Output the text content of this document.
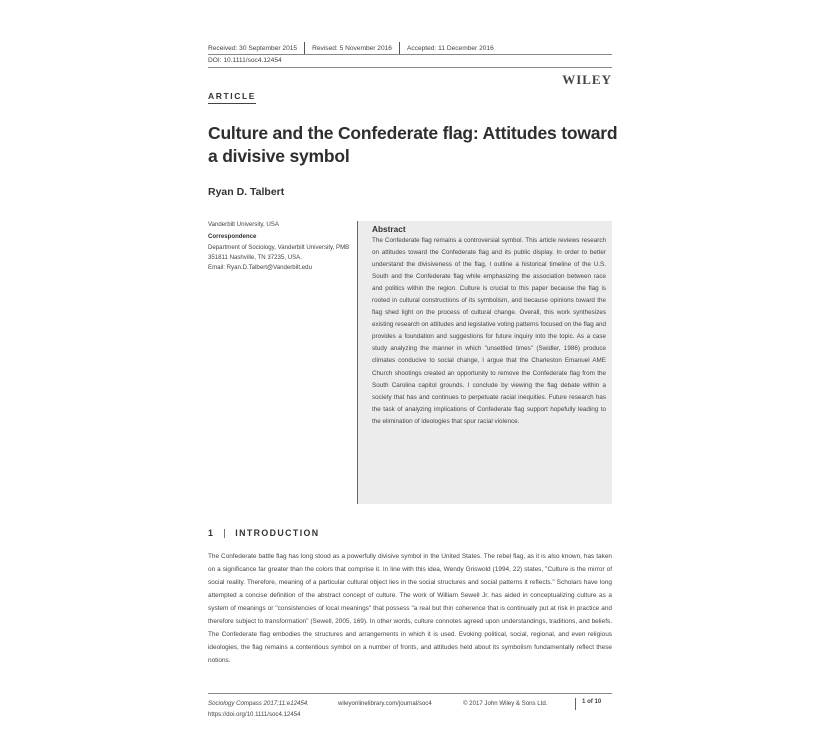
Received: 30 September 2015 Revised: 5 November 2016 Accepted: 11 December 2016
DOI: 10.1111/soc4.12454
WILEY
ARTICLE
Culture and the Confederate flag: Attitudes toward a divisive symbol
Ryan D. Talbert
Vanderbilt University, USA
Correspondence
Department of Sociology, Vanderbilt University, PMB 351811 Nashville, TN 37235, USA.
Email: Ryan.D.Talbert@Vanderbilt.edu
Abstract

The Confederate flag remains a controversial symbol. This article reviews research on attitudes toward the Confederate flag and its public display. In order to better understand the divisiveness of the flag, I outline a historical timeline of the U.S. South and the Confederate flag while emphasizing the association between race and politics within the region. Culture is crucial to this paper because the flag is rooted in cultural constructions of its symbolism, and because opinions toward the flag shed light on the process of cultural change. Overall, this work synthesizes existing research on attitudes and legislative voting patterns focused on the flag and provides a foundation and suggestions for future inquiry into the topic. As a case study analyzing the manner in which "unsettled times" (Swidler, 1986) produce climates conducive to social change, I argue that the Charleston Emanuel AME Church shootings created an opportunity to remove the Confederate flag from the South Carolina capitol grounds. I conclude by viewing the flag debate within a society that has and continues to perpetuate racial inequities. Future research has the task of analyzing implications of Confederate flag support hopefully leading to the elimination of ideologies that spur racial violence.

1 INTRODUCTION

The Confederate battle flag has long stood as a powerfully divisive symbol in the United States. The rebel flag, as it is also known, has taken on a significance far greater than the colors that comprise it. In line with this idea, Wendy Griswold (1994, 22) states, "Culture is the mirror of social reality. Therefore, meaning of a particular cultural object lies in the social structures and social patterns it reflects." Scholars have long attempted a concise definition of the abstract concept of culture. The work of William Sewell Jr. has aided in conceptualizing culture as a system of meanings or "consistencies of local meanings" that possess "a real but thin coherence that is continually put at risk in practice and therefore subject to transformation" (Sewell, 2005, 169). In other words, culture connotes agreed upon understandings, traditions, and beliefs. The Confederate flag embodies the structures and arrangements in which it is used. Evoking political, social, regional, and even religious ideologies, the flag remains a contentious symbol on a number of fronts, and attitudes held about its symbolism fundamentally reflect these notions.

Sociology Compass 2017;11:e12454.
https://doi.org/10.1111/soc4.12454
wileyonlinelibrary.com/journal/soc4	© 2017 John Wiley & Sons Ltd.	1 of 10
